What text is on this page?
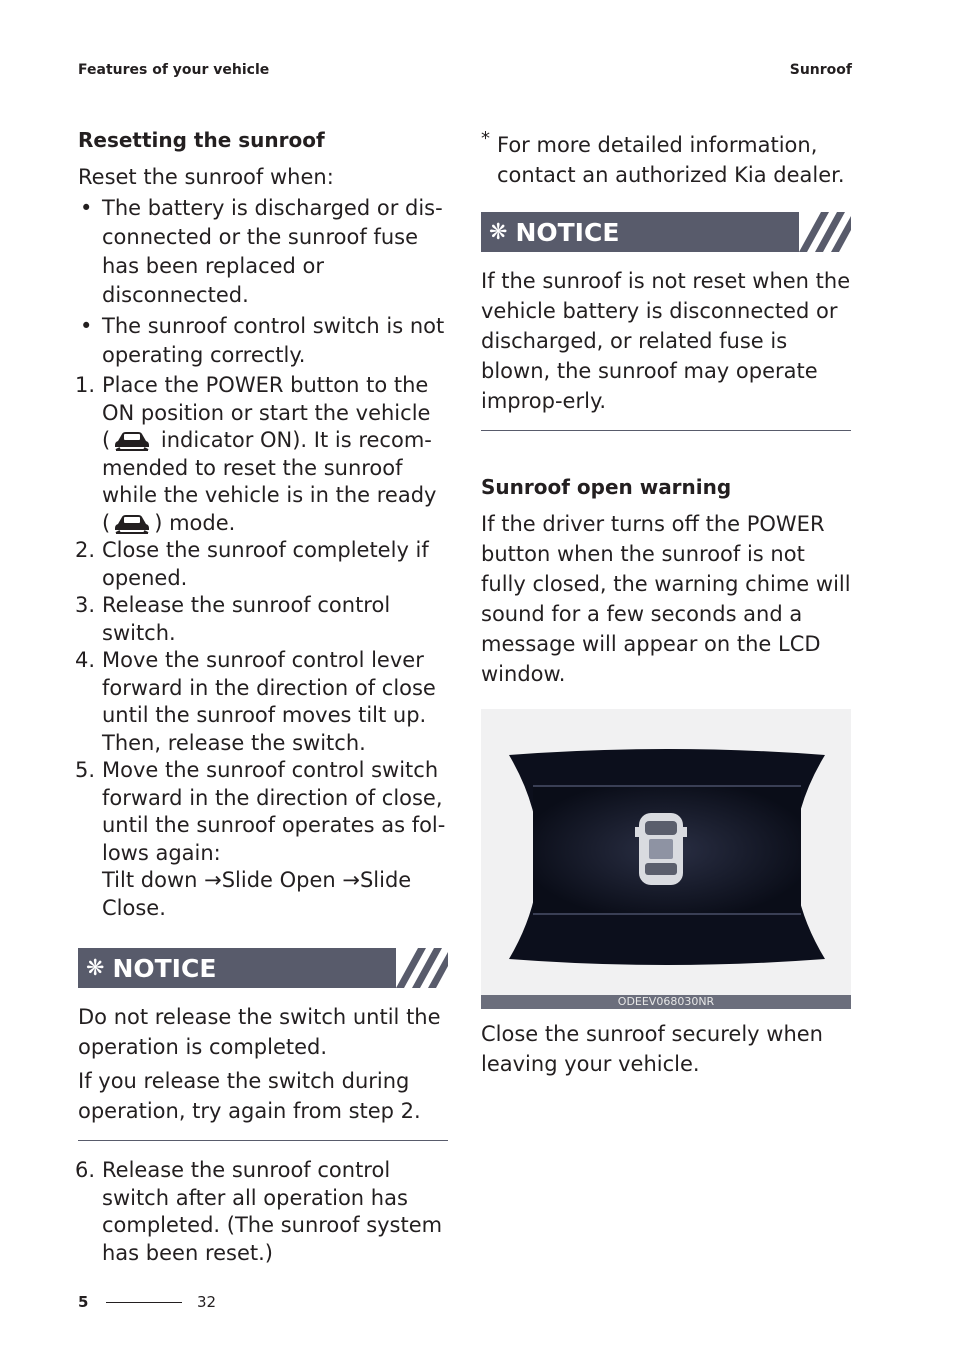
Features of your vehicle	Sunroof
Resetting the sunroof
Reset the sunroof when:
• The battery is discharged or dis-connected or the sunroof fuse has been replaced or disconnected.
• The sunroof control switch is not operating correctly.
1. Place the POWER button to the ON position or start the vehicle
( indicator ON). It is recom-mended to reset the sunroof while the vehicle is in the ready
( ) mode.
2. Close the sunroof completely if opened.
3. Release the sunroof control switch.
4. Move the sunroof control lever forward in the direction of close until the sunroof moves tilt up. Then, release the switch.
5. Move the sunroof control switch forward in the direction of close, until the sunroof operates as fol-lows again:
Tilt down →Slide Open →Slide Close.
❋ NOTICE
Do not release the switch until the operation is completed.
If you release the switch during operation, try again from step 2.
6. Release the sunroof control switch after all operation has completed. (The sunroof system has been reset.)
* For more detailed information, contact an authorized Kia dealer.
❋ NOTICE
If the sunroof is not reset when the vehicle battery is disconnected or discharged, or related fuse is blown, the sunroof may operate improp-erly.
Sunroof open warning
If the driver turns off the POWER button when the sunroof is not fully closed, the warning chime will sound for a few seconds and a message will appear on the LCD window.
ODEEV068030NR
Close the sunroof securely when leaving your vehicle.
5	32
